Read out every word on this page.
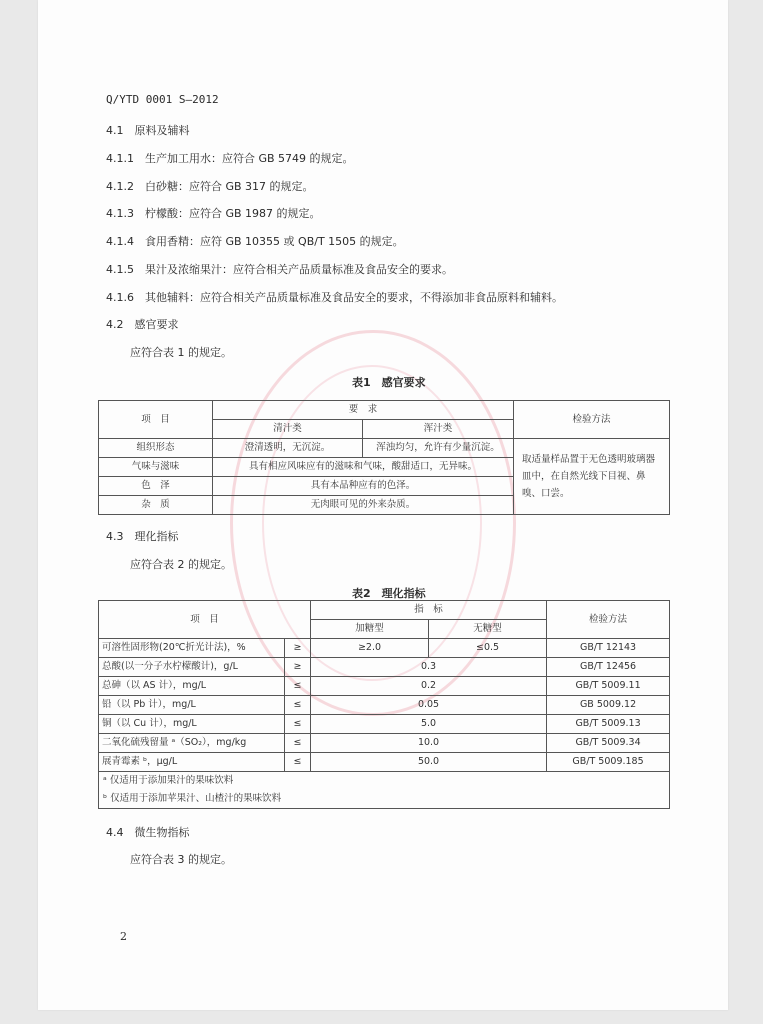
Q/YTD 0001 S—2012
4.1　原料及辅料
4.1.1　生产加工用水：应符合 GB 5749 的规定。
4.1.2　白砂糖：应符合 GB 317 的规定。
4.1.3　柠檬酸：应符合 GB 1987 的规定。
4.1.4　食用香精：应符 GB 10355 或 QB/T 1505 的规定。
4.1.5　果汁及浓缩果汁：应符合相关产品质量标准及食品安全的要求。
4.1.6　其他辅料：应符合相关产品质量标准及食品安全的要求，不得添加非食品原料和辅料。
4.2　感官要求
应符合表 1 的规定。
表1　感官要求
项　目	要　求		检验方法
	清汁类	浑汁类	
组织形态	澄清透明，无沉淀。	浑浊均匀，允许有少量沉淀。	取适量样品置于无色透明玻璃器皿中，在自然光线下目视、鼻嗅、口尝。
气味与滋味	具有相应风味应有的滋味和气味，酸甜适口，无异味。		
色　泽	具有本品种应有的色泽。		
杂　质	无肉眼可见的外来杂质。		
4.3　理化指标
应符合表 2 的规定。
表2　理化指标
项　目		指　标		检验方法
		加糖型	无糖型	
可溶性固形物(20℃折光计法)，%	≥	≥2.0	≤0.5	GB/T 12143
总酸(以一分子水柠檬酸计)，g/L	≥	0.3		GB/T 12456
总砷（以 AS 计），mg/L	≤	0.2		GB/T 5009.11
铅（以 Pb 计），mg/L	≤	0.05		GB 5009.12
铜（以 Cu 计），mg/L	≤	5.0		GB/T 5009.13
二氧化硫残留量 ᵃ（SO₂），mg/kg	≤	10.0		GB/T 5009.34
展青霉素 ᵇ，μg/L	≤	50.0		GB/T 5009.185
ᵃ 仅适用于添加果汁的果味饮料				
ᵇ 仅适用于添加苹果汁、山楂汁的果味饮料				
4.4　微生物指标
应符合表 3 的规定。
2
